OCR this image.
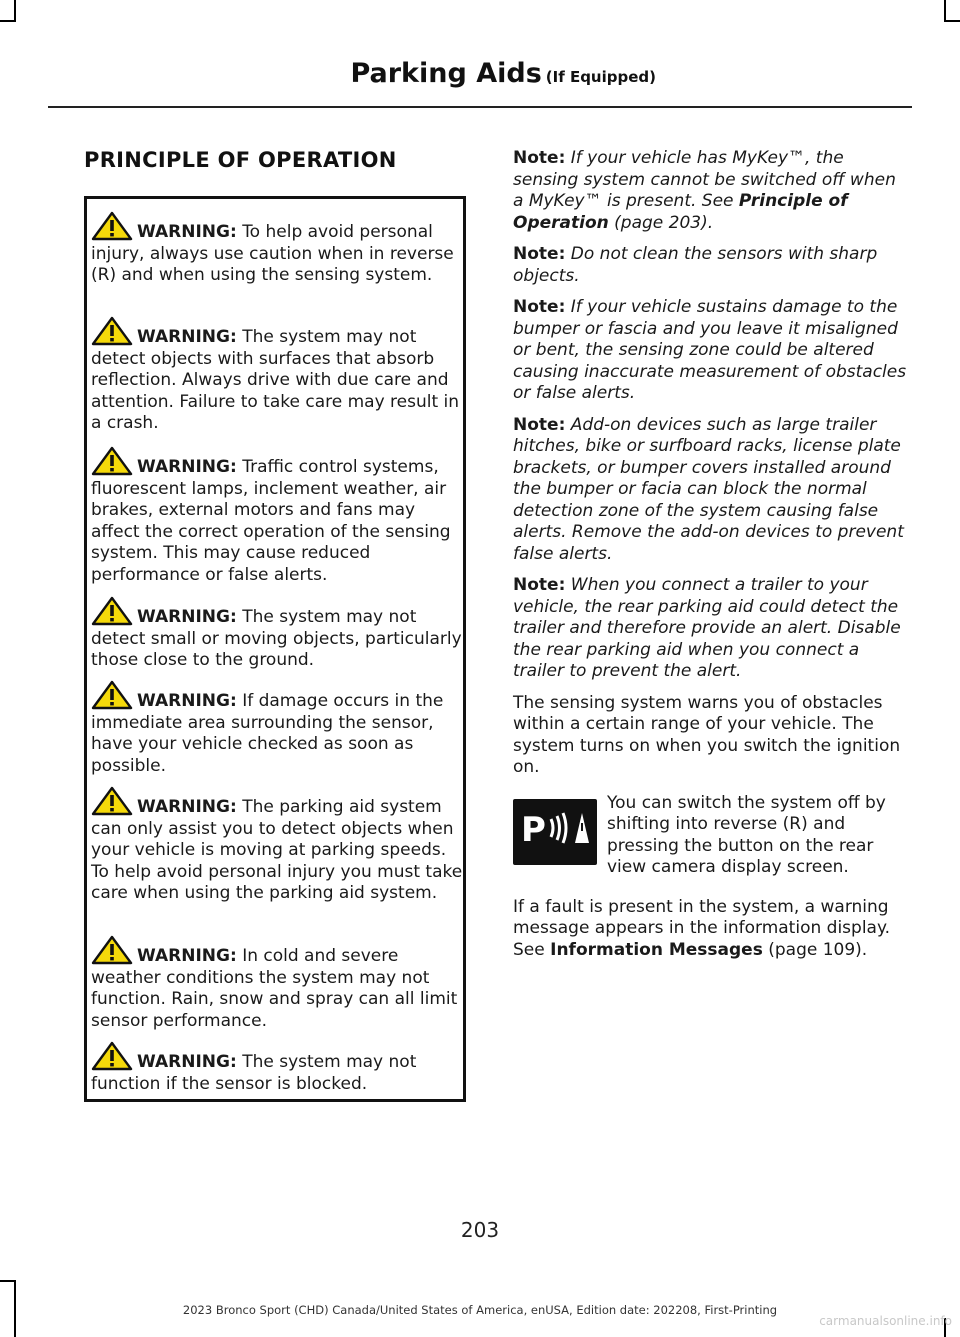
Parking Aids (If Equipped)
PRINCIPLE OF OPERATION
WARNING: To help avoid personal injury, always use caution when in reverse (R) and when using the sensing system.
WARNING: The system may not detect objects with surfaces that absorb reflection. Always drive with due care and attention. Failure to take care may result in a crash.
WARNING: Traffic control systems, fluorescent lamps, inclement weather, air brakes, external motors and fans may affect the correct operation of the sensing system. This may cause reduced performance or false alerts.
WARNING: The system may not detect small or moving objects, particularly those close to the ground.
WARNING: If damage occurs in the immediate area surrounding the sensor, have your vehicle checked as soon as possible.
WARNING: The parking aid system can only assist you to detect objects when your vehicle is moving at parking speeds. To help avoid personal injury you must take care when using the parking aid system.
WARNING: In cold and severe weather conditions the system may not function. Rain, snow and spray can all limit sensor performance.
WARNING: The system may not function if the sensor is blocked.

Note: If your vehicle has MyKey™, the sensing system cannot be switched off when a MyKey™ is present. See Principle of Operation (page 203).

Note: Do not clean the sensors with sharp objects.

Note: If your vehicle sustains damage to the bumper or fascia and you leave it misaligned or bent, the sensing zone could be altered causing inaccurate measurement of obstacles or false alerts.

Note: Add-on devices such as large trailer hitches, bike or surfboard racks, license plate brackets, or bumper covers installed around the bumper or facia can block the normal detection zone of the system causing false alerts. Remove the add-on devices to prevent false alerts.

Note: When you connect a trailer to your vehicle, the rear parking aid could detect the trailer and therefore provide an alert. Disable the rear parking aid when you connect a trailer to prevent the alert.

The sensing system warns you of obstacles within a certain range of your vehicle. The system turns on when you switch the ignition on.

P
You can switch the system off by shifting into reverse (R) and pressing the button on the rear view camera display screen.

If a fault is present in the system, a warning message appears in the information display. See Information Messages (page 109).

203
2023 Bronco Sport (CHD) Canada/United States of America, enUSA, Edition date: 202208, First-Printing
carmanualsonline.info
